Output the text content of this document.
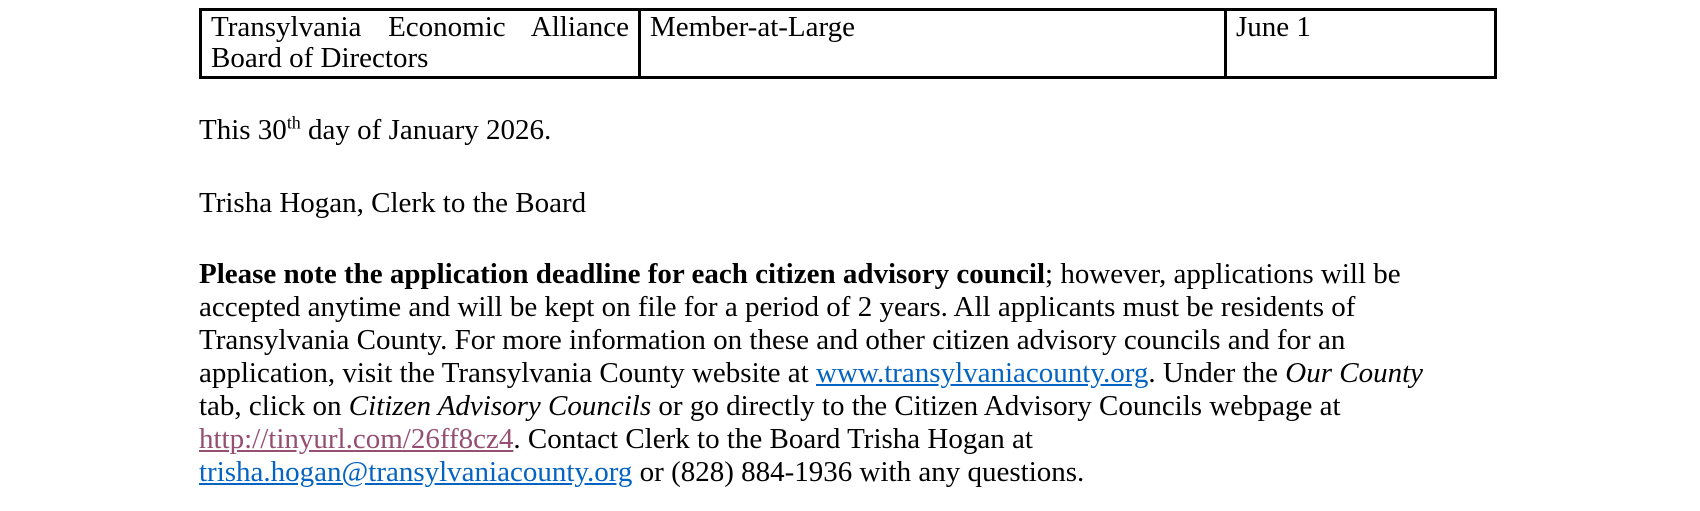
Transylvania Economic Alliance Board of Directors	Member-at-Large	June 1

This 30th day of January 2026.

Trisha Hogan, Clerk to the Board

Please note the application deadline for each citizen advisory council; however, applications will be
accepted anytime and will be kept on file for a period of 2 years. All applicants must be residents of
Transylvania County. For more information on these and other citizen advisory councils and for an
application, visit the Transylvania County website at www.transylvaniacounty.org. Under the Our County
tab, click on Citizen Advisory Councils or go directly to the Citizen Advisory Councils webpage at
http://tinyurl.com/26ff8cz4. Contact Clerk to the Board Trisha Hogan at
trisha.hogan@transylvaniacounty.org or (828) 884-1936 with any questions.
